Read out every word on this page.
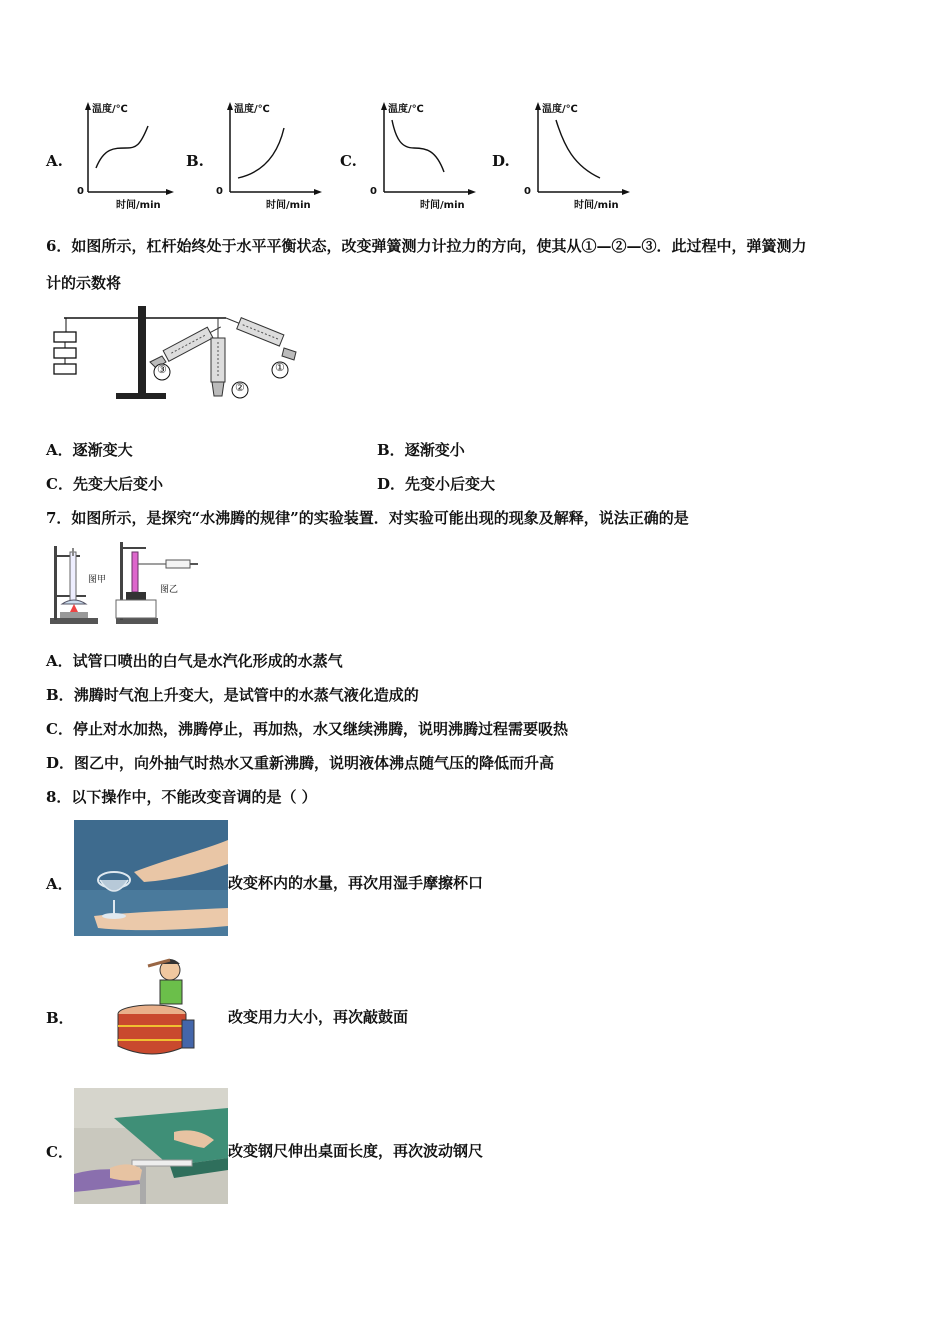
A.
温度/℃
时间/min
0
B.
温度/℃
时间/min
0
C.
温度/℃
时间/min
0
D.
温度/℃
时间/min
0
6．如图所示，杠杆始终处于水平平衡状态，改变弹簧测力计拉力的方向，使其从①—②—③．此过程中，弹簧测力
计的示数将
③
②
①
A．逐渐变大	B．逐渐变小
C．先变大后变小	D．先变小后变大
7．如图所示，是探究“水沸腾的规律”的实验装置．对实验可能出现的现象及解释，说法正确的是
图甲
图乙
A．试管口喷出的白气是水汽化形成的水蒸气
B．沸腾时气泡上升变大，是试管中的水蒸气液化造成的
C．停止对水加热，沸腾停止，再加热，水又继续沸腾，说明沸腾过程需要吸热
D．图乙中，向外抽气时热水又重新沸腾，说明液体沸点随气压的降低而升高
8．以下操作中，不能改变音调的是（ ）
A．	改变杯内的水量，再次用湿手摩擦杯口
B．	改变用力大小，再次敲鼓面
C．	改变钢尺伸出桌面长度，再次波动钢尺
